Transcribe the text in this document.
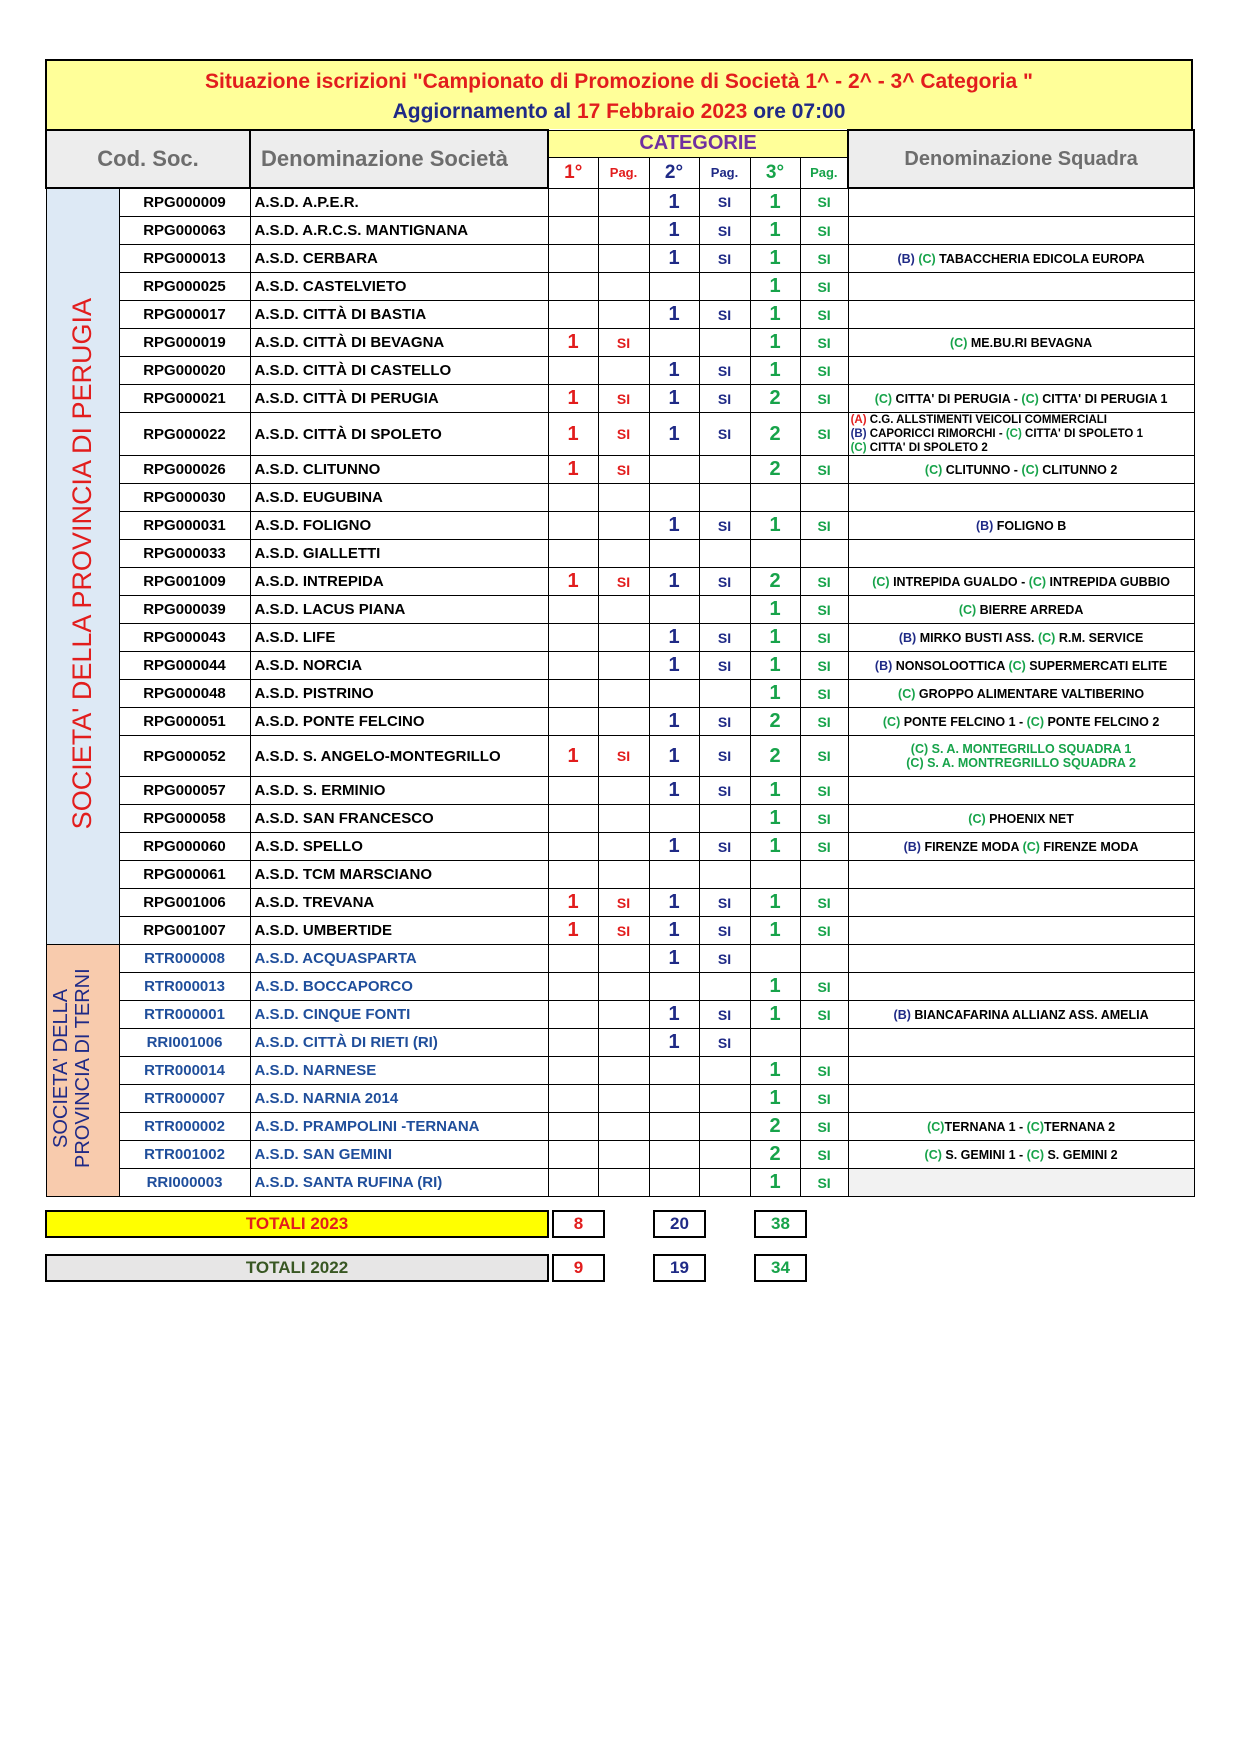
Situazione iscrizioni "Campionato di Promozione di Società 1^ - 2^ - 3^ Categoria "
Aggiornamento al 17 Febbraio 2023 ore 07:00
Cod. Soc.		Denominazione Società	CATEGORIE						Denominazione Squadra
			1°	Pag.	2°	Pag.	3°	Pag.	
SOCIETA' DELLA PROVINCIA DI PERUGIA	RPG000009	A.S.D. A.P.E.R.			1	SI	1	SI	
	RPG000063	A.S.D. A.R.C.S. MANTIGNANA			1	SI	1	SI	
	RPG000013	A.S.D. CERBARA			1	SI	1	SI	(B) (C) TABACCHERIA EDICOLA EUROPA
	RPG000025	A.S.D. CASTELVIETO					1	SI	
	RPG000017	A.S.D. CITTÀ DI BASTIA			1	SI	1	SI	
	RPG000019	A.S.D. CITTÀ DI BEVAGNA	1	SI			1	SI	(C) ME.BU.RI BEVAGNA
	RPG000020	A.S.D. CITTÀ DI CASTELLO			1	SI	1	SI	
	RPG000021	A.S.D. CITTÀ DI PERUGIA	1	SI	1	SI	2	SI	(C) CITTA' DI PERUGIA - (C) CITTA' DI PERUGIA 1
	RPG000022	A.S.D. CITTÀ DI SPOLETO	1	SI	1	SI	2	SI	(A) C.G. ALLSTIMENTI VEICOLI COMMERCIALI
(B) CAPORICCI RIMORCHI - (C) CITTA' DI SPOLETO 1
(C) CITTA' DI SPOLETO 2

	RPG000026	A.S.D. CLITUNNO	1	SI			2	SI	(C) CLITUNNO - (C) CLITUNNO 2
	RPG000030	A.S.D. EUGUBINA							
	RPG000031	A.S.D. FOLIGNO			1	SI	1	SI	(B) FOLIGNO B
	RPG000033	A.S.D. GIALLETTI							
	RPG001009	A.S.D. INTREPIDA	1	SI	1	SI	2	SI	(C) INTREPIDA GUALDO - (C) INTREPIDA GUBBIO
	RPG000039	A.S.D. LACUS PIANA					1	SI	(C) BIERRE ARREDA
	RPG000043	A.S.D. LIFE			1	SI	1	SI	(B) MIRKO BUSTI ASS. (C) R.M. SERVICE
	RPG000044	A.S.D. NORCIA			1	SI	1	SI	(B) NONSOLOOTTICA (C) SUPERMERCATI ELITE
	RPG000048	A.S.D. PISTRINO					1	SI	(C) GROPPO ALIMENTARE VALTIBERINO
	RPG000051	A.S.D. PONTE FELCINO			1	SI	2	SI	(C) PONTE FELCINO 1 - (C) PONTE FELCINO 2
	RPG000052	A.S.D. S. ANGELO-MONTEGRILLO	1	SI	1	SI	2	SI	(C) S. A. MONTEGRILLO SQUADRA 1
(C) S. A. MONTREGRILLO SQUADRA 2

	RPG000057	A.S.D. S. ERMINIO			1	SI	1	SI	
	RPG000058	A.S.D. SAN FRANCESCO					1	SI	(C) PHOENIX NET
	RPG000060	A.S.D. SPELLO			1	SI	1	SI	(B) FIRENZE MODA (C) FIRENZE MODA
	RPG000061	A.S.D. TCM MARSCIANO							
	RPG001006	A.S.D. TREVANA	1	SI	1	SI	1	SI	
	RPG001007	A.S.D. UMBERTIDE	1	SI	1	SI	1	SI	
SOCIETA' DELLA PROVINCIA DI TERNI	RTR000008	A.S.D. ACQUASPARTA			1	SI			
	RTR000013	A.S.D. BOCCAPORCO					1	SI	
	RTR000001	A.S.D. CINQUE FONTI			1	SI	1	SI	(B) BIANCAFARINA ALLIANZ ASS. AMELIA
	RRI001006	A.S.D. CITTÀ DI RIETI (RI)			1	SI			
	RTR000014	A.S.D. NARNESE					1	SI	
	RTR000007	A.S.D. NARNIA 2014					1	SI	
	RTR000002	A.S.D. PRAMPOLINI -TERNANA					2	SI	(C)TERNANA 1 - (C)TERNANA 2
	RTR001002	A.S.D. SAN GEMINI					2	SI	(C) S. GEMINI 1 - (C) S. GEMINI 2
	RRI000003	A.S.D. SANTA RUFINA (RI)					1	SI	
TOTALI 2023	8	20	38
TOTALI 2022	9	19	34
